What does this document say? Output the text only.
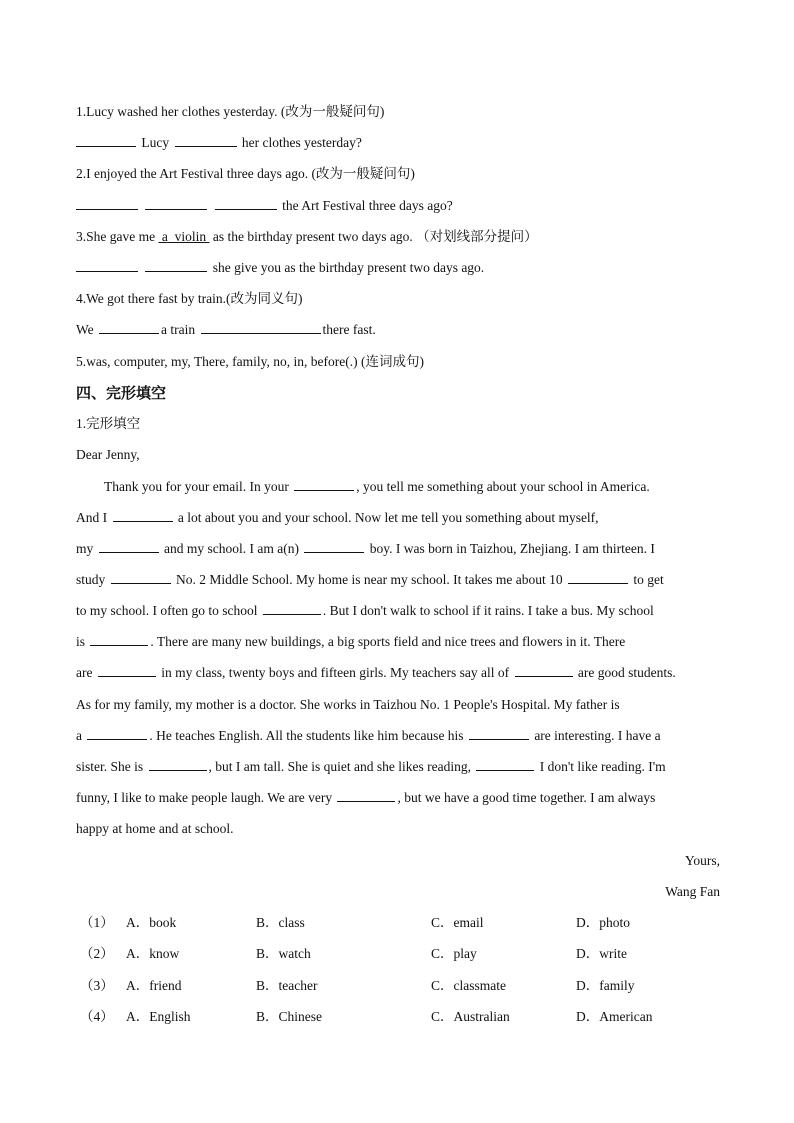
1.Lucy washed her clothes yesterday. (改为一般疑问句)
Lucy	her clothes yesterday?
2.I enjoyed the Art Festival three days ago. (改为一般疑问句)
the Art Festival three days ago?
3.She gave me  a violin  as the birthday present two days ago. （对划线部分提问）
she give you as the birthday present two days ago.
4.We got there fast by train.(改为同义句)
We	a train	there fast.
5.was, computer, my, There, family, no, in, before(.) (连词成句)
四、完形填空
1.完形填空
Dear Jenny,
Thank you for your email. In your	, you tell me something about your school in America.
And I	a lot about you and your school. Now let me tell you something about myself,
my	and my school. I am a(n)	boy. I was born in Taizhou, Zhejiang. I am thirteen. I
study	No. 2 Middle School. My home is near my school. It takes me about 10	to get
to my school. I often go to school	. But I don't walk to school if it rains. I take a bus. My school
is	. There are many new buildings, a big sports field and nice trees and flowers in it. There
are	in my class, twenty boys and fifteen girls. My teachers say all of	are good students.
As for my family, my mother is a doctor. She works in Taizhou No. 1 People's Hospital. My father is
a	. He teaches English. All the students like him because his	are interesting. I have a
sister. She is	, but I am tall. She is quiet and she likes reading,	I don't like reading. I'm
funny, I like to make people laugh. We are very	, but we have a good time together. I am always
happy at home and at school.
Yours,
Wang Fan
（1） A．book	B．class	C．email	D．photo
（2） A．know	B．watch	C．play	D．write
（3） A．friend	B．teacher	C．classmate	D．family
（4） A．English	B．Chinese	C．Australian	D．American
